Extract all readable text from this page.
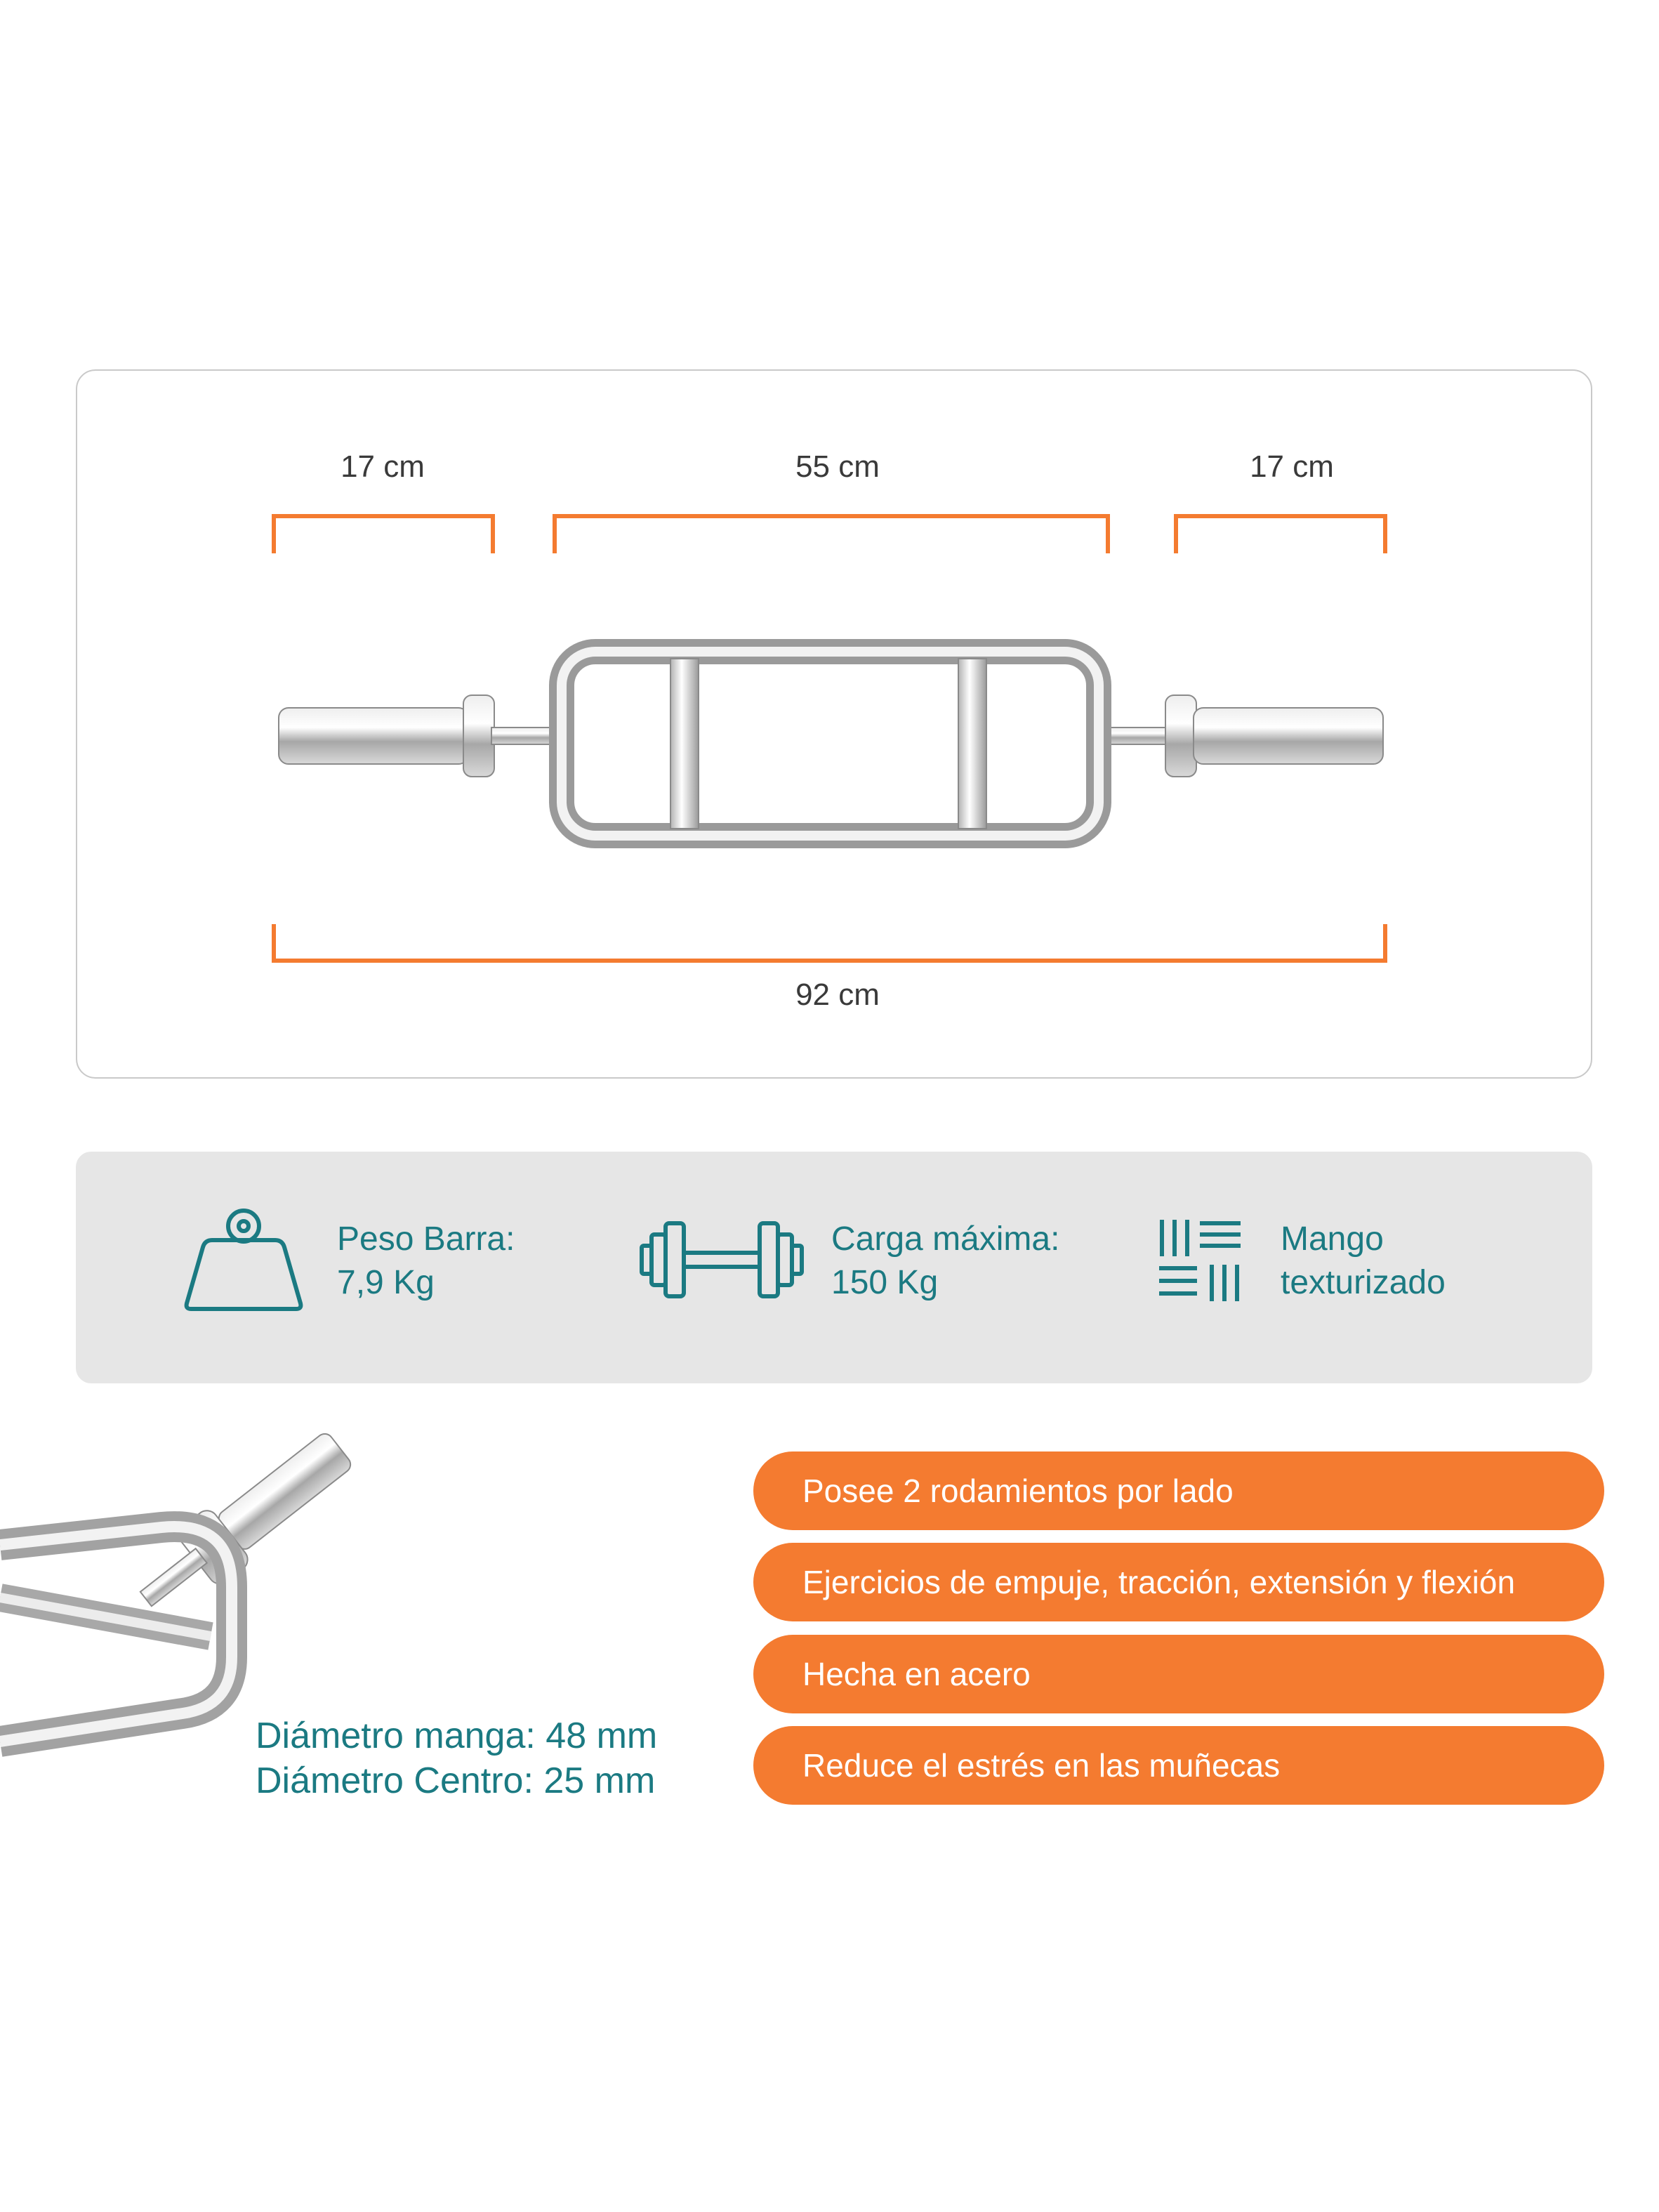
17 cm	55 cm	17 cm
92 cm
Peso Barra:
7,9 Kg
Carga máxima:
150 Kg
Mango
texturizado
Diámetro manga: 48 mm
Diámetro Centro: 25 mm
Posee 2 rodamientos por lado
Ejercicios de empuje, tracción, extensión y flexión
Hecha en acero
Reduce el estrés en las muñecas
